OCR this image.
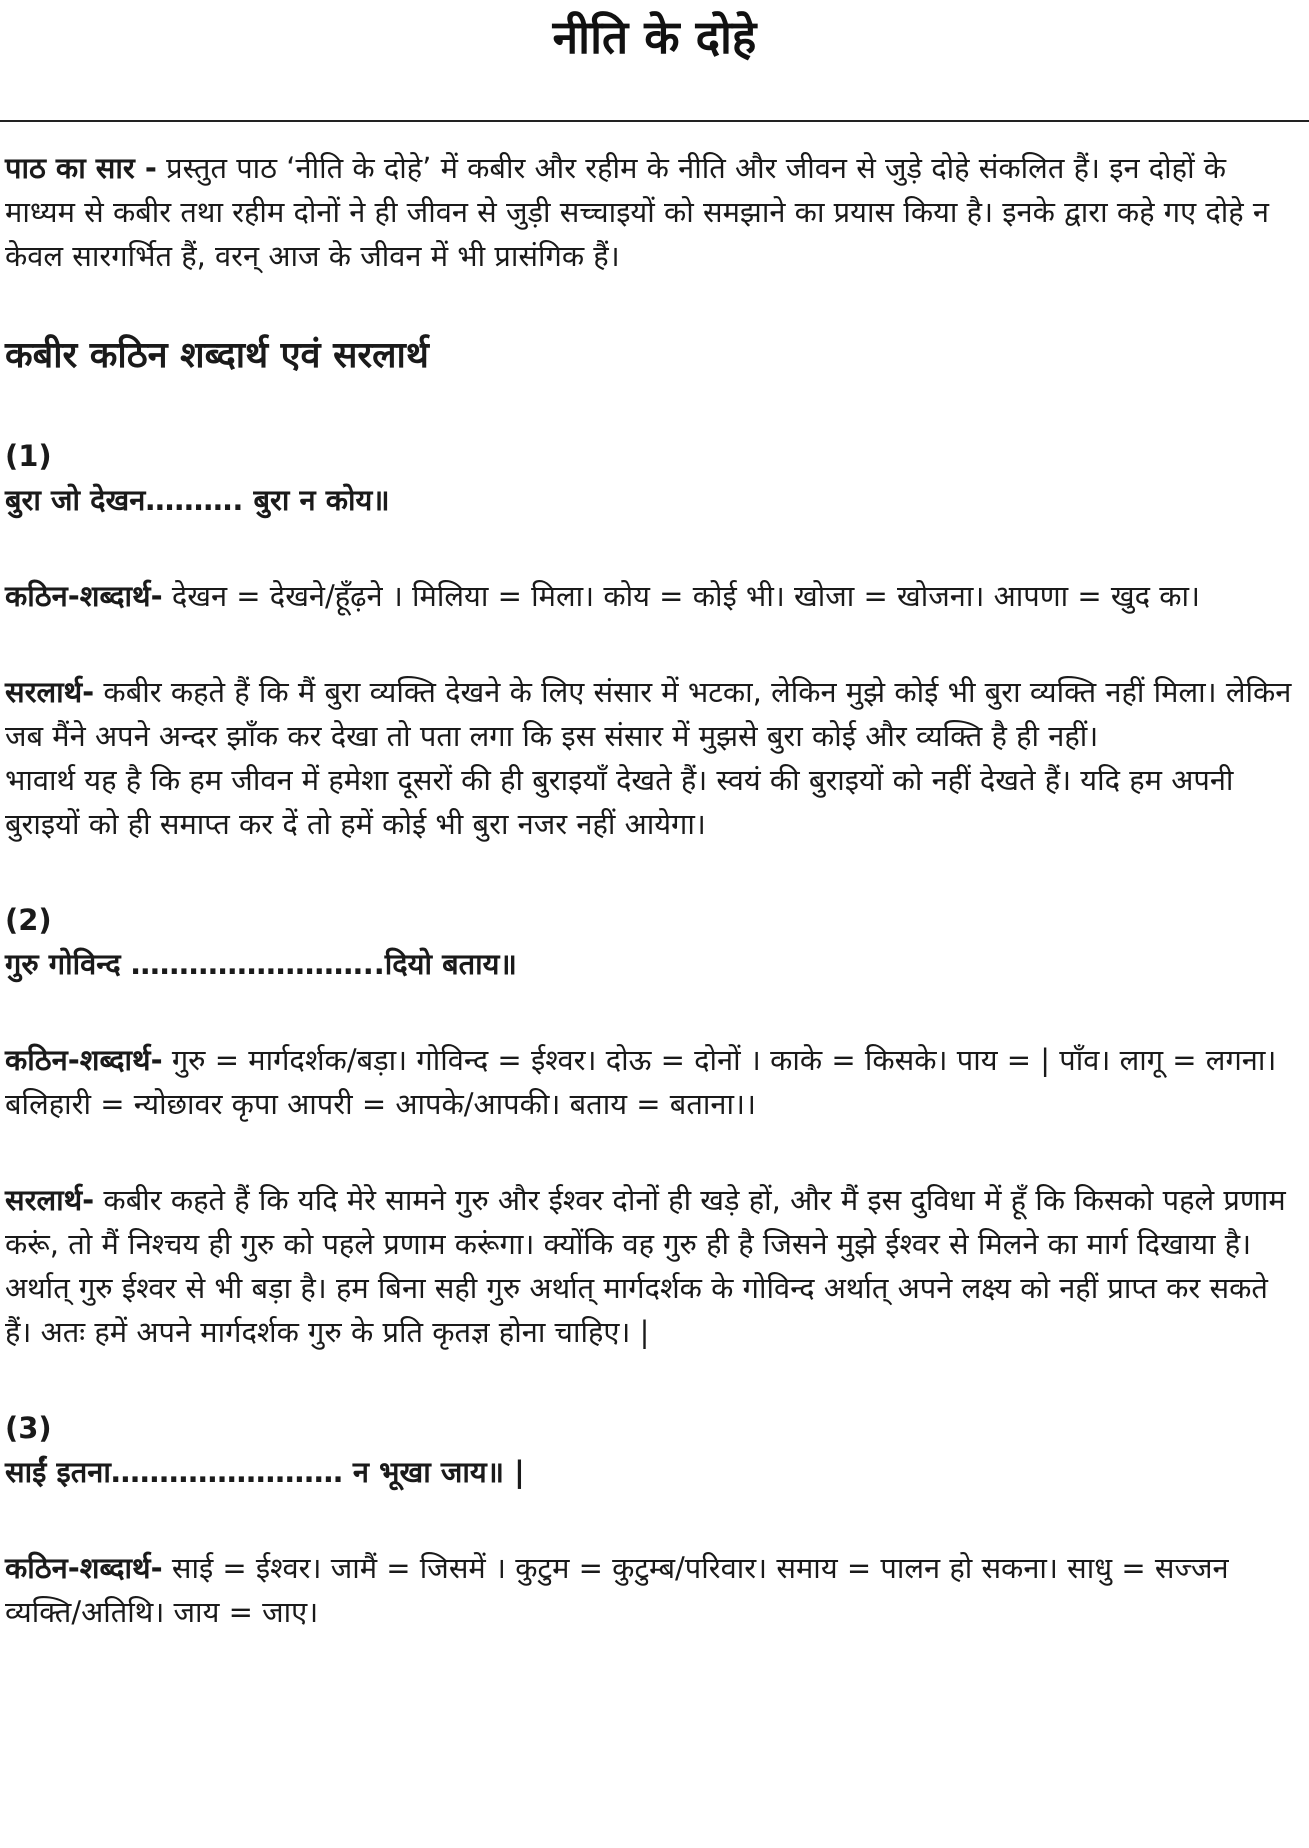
नीति के दोहे

पाठ का सार - प्रस्तुत पाठ ‘नीति के दोहे’ में कबीर और रहीम के नीति और जीवन से जुड़े दोहे संकलित हैं। इन दोहों के माध्यम से कबीर तथा रहीम दोनों ने ही जीवन से जुड़ी सच्चाइयों को समझाने का प्रयास किया है। इनके द्वारा कहे गए दोहे न केवल सारगर्भित हैं, वरन् आज के जीवन में भी प्रासंगिक हैं।

कबीर कठिन शब्दार्थ एवं सरलार्थ

(1)

बुरा जो देखन………. बुरा न कोय॥

कठिन-शब्दार्थ- देखन = देखने/हूँढ़ने । मिलिया = मिला। कोय = कोई भी। खोजा = खोजना। आपणा = खुद का।

सरलार्थ- कबीर कहते हैं कि मैं बुरा व्यक्ति देखने के लिए संसार में भटका, लेकिन मुझे कोई भी बुरा व्यक्ति नहीं मिला। लेकिन जब मैंने अपने अन्दर झाँक कर देखा तो पता लगा कि इस संसार में मुझसे बुरा कोई और व्यक्ति है ही नहीं।

भावार्थ यह है कि हम जीवन में हमेशा दूसरों की ही बुराइयाँ देखते हैं। स्वयं की बुराइयों को नहीं देखते हैं। यदि हम अपनी बुराइयों को ही समाप्त कर दें तो हमें कोई भी बुरा नजर नहीं आयेगा।

(2)

गुरु गोविन्द ……………………..दियो बताय॥

कठिन-शब्दार्थ- गुरु = मार्गदर्शक/बड़ा। गोविन्द = ईश्वर। दोऊ = दोनों । काके = किसके। पाय = | पाँव। लागू = लगना। बलिहारी = न्योछावर कृपा आपरी = आपके/आपकी। बताय = बताना।।

सरलार्थ- कबीर कहते हैं कि यदि मेरे सामने गुरु और ईश्वर दोनों ही खड़े हों, और मैं इस दुविधा में हूँ कि किसको पहले प्रणाम करूं, तो मैं निश्चय ही गुरु को पहले प्रणाम करूंगा। क्योंकि वह गुरु ही है जिसने मुझे ईश्वर से मिलने का मार्ग दिखाया है। अर्थात् गुरु ईश्वर से भी बड़ा है। हम बिना सही गुरु अर्थात् मार्गदर्शक के गोविन्द अर्थात् अपने लक्ष्य को नहीं प्राप्त कर सकते हैं। अतः हमें अपने मार्गदर्शक गुरु के प्रति कृतज्ञ होना चाहिए। |

(3)

साईं इतना…………………… न भूखा जाय॥ |

कठिन-शब्दार्थ- साई = ईश्वर। जामैं = जिसमें । कुटुम = कुटुम्ब/परिवार। समाय = पालन हो सकना। साधु = सज्जन व्यक्ति/अतिथि। जाय = जाए।
